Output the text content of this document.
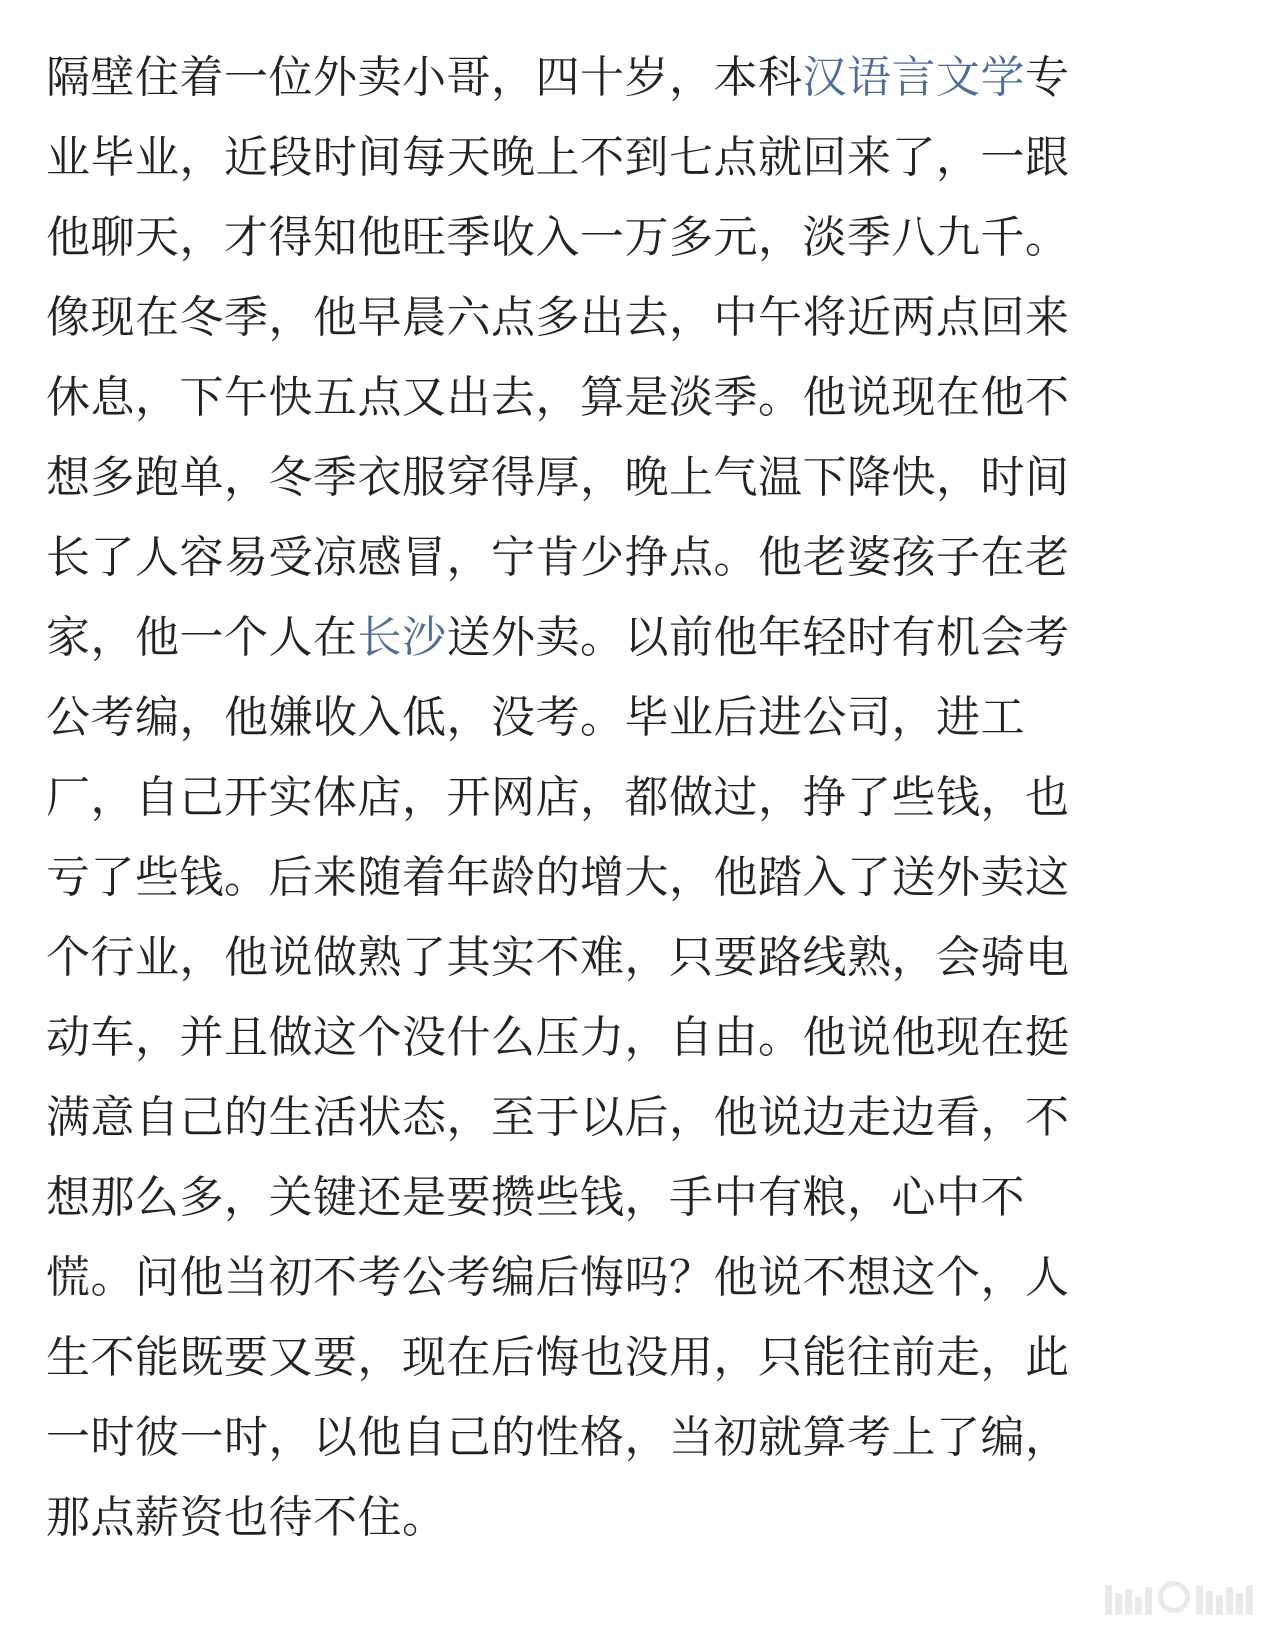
隔壁住着一位外卖小哥，四十岁，本科汉语言文学专
业毕业，近段时间每天晚上不到七点就回来了，一跟
他聊天，才得知他旺季收入一万多元，淡季八九千。
像现在冬季，他早晨六点多出去，中午将近两点回来
休息，下午快五点又出去，算是淡季。他说现在他不
想多跑单，冬季衣服穿得厚，晚上气温下降快，时间
长了人容易受凉感冒，宁肯少挣点。他老婆孩子在老
家，他一个人在长沙送外卖。以前他年轻时有机会考
公考编，他嫌收入低，没考。毕业后进公司，进工
厂，自己开实体店，开网店，都做过，挣了些钱，也
亏了些钱。后来随着年龄的增大，他踏入了送外卖这
个行业，他说做熟了其实不难，只要路线熟，会骑电
动车，并且做这个没什么压力，自由。他说他现在挺
满意自己的生活状态，至于以后，他说边走边看，不
想那么多，关键还是要攒些钱，手中有粮，心中不
慌。问他当初不考公考编后悔吗？他说不想这个，人
生不能既要又要，现在后悔也没用，只能往前走，此
一时彼一时，以他自己的性格，当初就算考上了编，
那点薪资也待不住。
